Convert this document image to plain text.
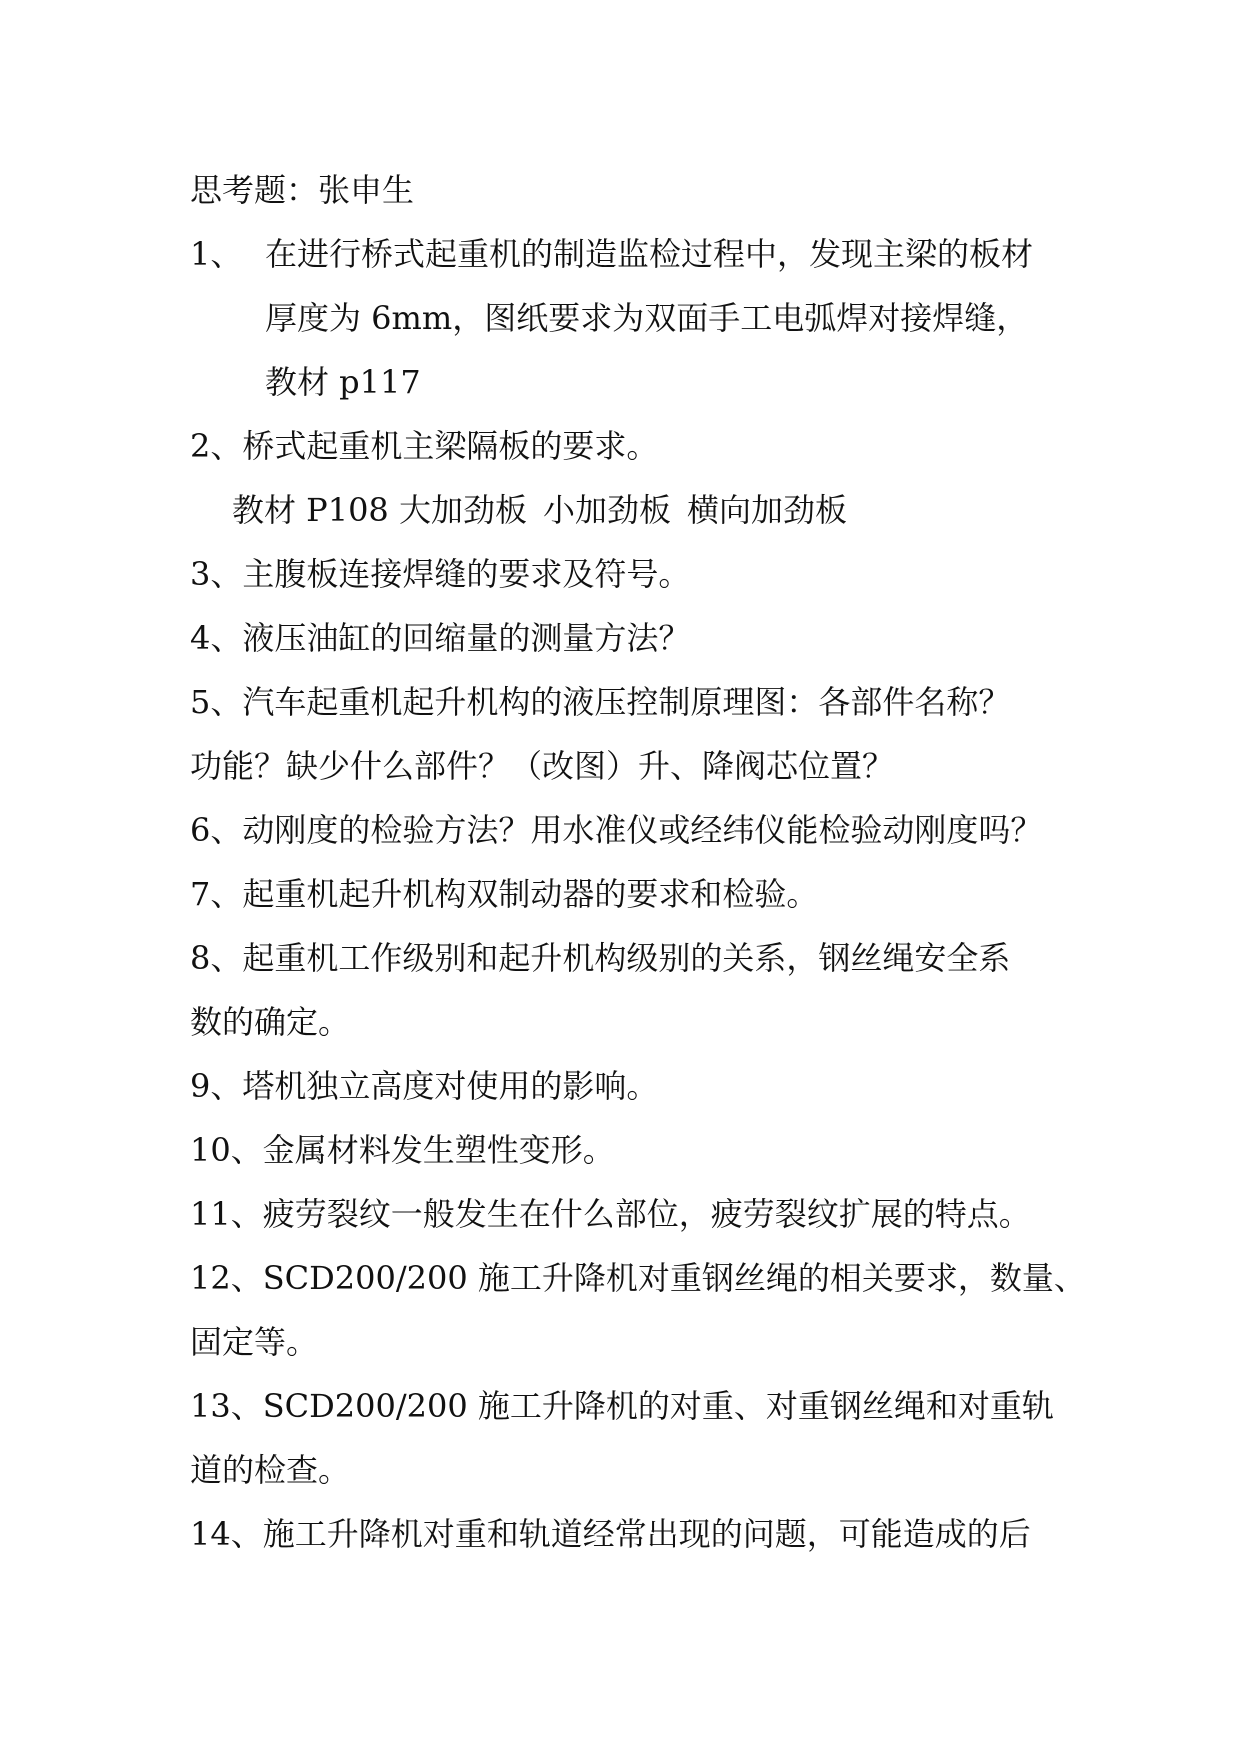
思考题：张申生
1、 在进行桥式起重机的制造监检过程中，发现主梁的板材
厚度为 6mm，图纸要求为双面手工电弧焊对接焊缝，
教材 p117
2、桥式起重机主梁隔板的要求。
教材 P108 大加劲板 小加劲板 横向加劲板
3、主腹板连接焊缝的要求及符号。
4、液压油缸的回缩量的测量方法？
5、汽车起重机起升机构的液压控制原理图：各部件名称？
功能？缺少什么部件？（改图）升、降阀芯位置？
6、动刚度的检验方法？用水准仪或经纬仪能检验动刚度吗？
7、起重机起升机构双制动器的要求和检验。
8、起重机工作级别和起升机构级别的关系，钢丝绳安全系
数的确定。
9、塔机独立高度对使用的影响。
10、金属材料发生塑性变形。
11、疲劳裂纹一般发生在什么部位，疲劳裂纹扩展的特点。
12、SCD200/200 施工升降机对重钢丝绳的相关要求，数量、
固定等。
13、SCD200/200 施工升降机的对重、对重钢丝绳和对重轨
道的检查。
14、施工升降机对重和轨道经常出现的问题，可能造成的后
